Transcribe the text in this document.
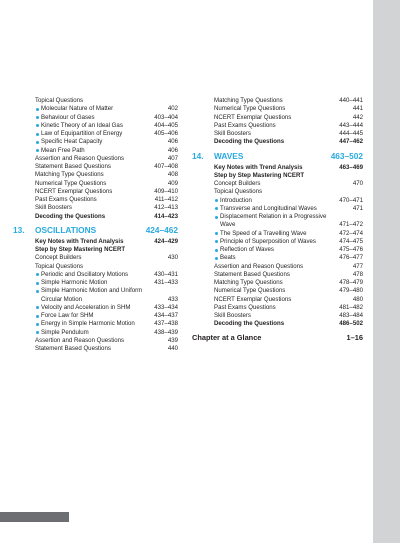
Topical Questions
Molecular Nature of Matter	402
Behaviour of Gases	403–404
Kinetic Theory of an Ideal Gas	404–405
Law of Equipartition of Energy	405–406
Specific Heat Capacity	406
Mean Free Path	406
Assertion and Reason Questions	407
Statement Based Questions	407–408
Matching Type Questions	408
Numerical Type Questions	409
NCERT Exemplar Questions	409–410
Past Exams Questions	411–412
Skill Boosters	412–413
Decoding the Questions	414–423
13. OSCILLATIONS	424–462
Key Notes with Trend Analysis	424–429
Step by Step Mastering NCERT
Concept Builders	430
Topical Questions
Periodic and Oscillatory Motions	430–431
Simple Harmonic Motion	431–433
Simple Harmonic Motion and Uniform
Circular Motion	433
Velocity and Acceleration in SHM	433–434
Force Law for SHM	434–437
Energy in Simple Harmonic Motion	437–438
Simple Pendulum	438–439
Assertion and Reason Questions	439
Statement Based Questions	440
Matching Type Questions	440–441
Numerical Type Questions	441
NCERT Exemplar Questions	442
Past Exams Questions	443–444
Skill Boosters	444–445
Decoding the Questions	447–462
14. WAVES	463–502
Key Notes with Trend Analysis	463–469
Step by Step Mastering NCERT
Concept Builders	470
Topical Questions
Introduction	470–471
Transverse and Longitudinal Waves	471
Displacement Relation in a Progressive Wave	471–472
The Speed of a Travelling Wave	472–474
Principle of Superposition of Waves	474–475
Reflection of Waves	475–476
Beats	476–477
Assertion and Reason Questions	477
Statement Based Questions	478
Matching Type Questions	478–479
Numerical Type Questions	479–480
NCERT Exemplar Questions	480
Past Exams Questions	481–482
Skill Boosters	483–484
Decoding the Questions	486–502
Chapter at a Glance	1–16
